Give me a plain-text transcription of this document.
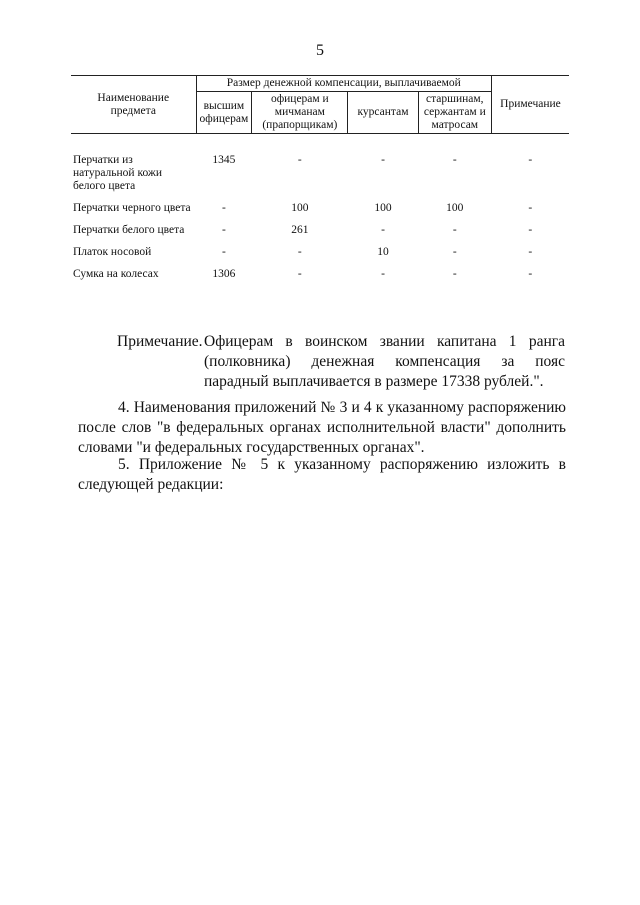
5
Наименование предмета	Размер денежной компенсации, выплачиваемой				Примечание
	высшим офицерам	офицерам и мичманам (прапорщикам)	курсантам	старшинам, сержантам и матросам	
Перчатки из натуральной кожи белого цвета	1345	-	-	-	-
Перчатки черного цвета	-	100	100	100	-
Перчатки белого цвета	-	261	-	-	-
Платок носовой	-	-	10	-	-
Сумка на колесах	1306	-	-	-	-
Примечание. Офицерам в воинском звании капитана 1 ранга (полковника) денежная компенсация за пояс парадный выплачивается в размере 17338 рублей.".

4. Наименования приложений № 3 и 4 к указанному распоряжению после слов "в федеральных органах исполнительной власти" дополнить словами "и федеральных государственных органах".

5. Приложение № 5 к указанному распоряжению изложить в следующей редакции:
